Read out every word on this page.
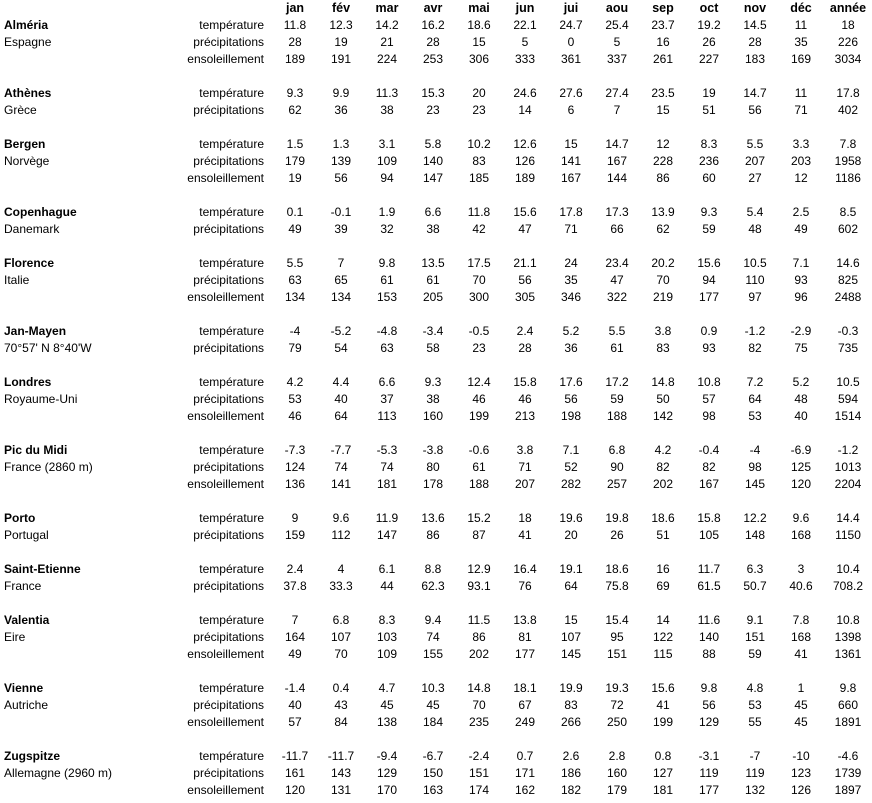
		jan	fév	mar	avr	mai	jun	jui	aou	sep	oct	nov	déc	année
Alméria	température	11.8	12.3	14.2	16.2	18.6	22.1	24.7	25.4	23.7	19.2	14.5	11	18
Espagne	précipitations	28	19	21	28	15	5	0	5	16	26	28	35	226
	ensoleillement	189	191	224	253	306	333	361	337	261	227	183	169	3034

Athènes	température	9.3	9.9	11.3	15.3	20	24.6	27.6	27.4	23.5	19	14.7	11	17.8
Grèce	précipitations	62	36	38	23	23	14	6	7	15	51	56	71	402

Bergen	température	1.5	1.3	3.1	5.8	10.2	12.6	15	14.7	12	8.3	5.5	3.3	7.8
Norvège	précipitations	179	139	109	140	83	126	141	167	228	236	207	203	1958
	ensoleillement	19	56	94	147	185	189	167	144	86	60	27	12	1186

Copenhague	température	0.1	-0.1	1.9	6.6	11.8	15.6	17.8	17.3	13.9	9.3	5.4	2.5	8.5
Danemark	précipitations	49	39	32	38	42	47	71	66	62	59	48	49	602

Florence	température	5.5	7	9.8	13.5	17.5	21.1	24	23.4	20.2	15.6	10.5	7.1	14.6
Italie	précipitations	63	65	61	61	70	56	35	47	70	94	110	93	825
	ensoleillement	134	134	153	205	300	305	346	322	219	177	97	96	2488

Jan-Mayen	température	-4	-5.2	-4.8	-3.4	-0.5	2.4	5.2	5.5	3.8	0.9	-1.2	-2.9	-0.3
70°57' N 8°40'W	précipitations	79	54	63	58	23	28	36	61	83	93	82	75	735

Londres	température	4.2	4.4	6.6	9.3	12.4	15.8	17.6	17.2	14.8	10.8	7.2	5.2	10.5
Royaume-Uni	précipitations	53	40	37	38	46	46	56	59	50	57	64	48	594
	ensoleillement	46	64	113	160	199	213	198	188	142	98	53	40	1514

Pic du Midi	température	-7.3	-7.7	-5.3	-3.8	-0.6	3.8	7.1	6.8	4.2	-0.4	-4	-6.9	-1.2
France (2860 m)	précipitations	124	74	74	80	61	71	52	90	82	82	98	125	1013
	ensoleillement	136	141	181	178	188	207	282	257	202	167	145	120	2204

Porto	température	9	9.6	11.9	13.6	15.2	18	19.6	19.8	18.6	15.8	12.2	9.6	14.4
Portugal	précipitations	159	112	147	86	87	41	20	26	51	105	148	168	1150

Saint-Etienne	température	2.4	4	6.1	8.8	12.9	16.4	19.1	18.6	16	11.7	6.3	3	10.4
France	précipitations	37.8	33.3	44	62.3	93.1	76	64	75.8	69	61.5	50.7	40.6	708.2

Valentia	température	7	6.8	8.3	9.4	11.5	13.8	15	15.4	14	11.6	9.1	7.8	10.8
Eire	précipitations	164	107	103	74	86	81	107	95	122	140	151	168	1398
	ensoleillement	49	70	109	155	202	177	145	151	115	88	59	41	1361

Vienne	température	-1.4	0.4	4.7	10.3	14.8	18.1	19.9	19.3	15.6	9.8	4.8	1	9.8
Autriche	précipitations	40	43	45	45	70	67	83	72	41	56	53	45	660
	ensoleillement	57	84	138	184	235	249	266	250	199	129	55	45	1891

Zugspitze	température	-11.7	-11.7	-9.4	-6.7	-2.4	0.7	2.6	2.8	0.8	-3.1	-7	-10	-4.6
Allemagne (2960 m)	précipitations	161	143	129	150	151	171	186	160	127	119	119	123	1739
	ensoleillement	120	131	170	163	174	162	182	179	181	177	132	126	1897
